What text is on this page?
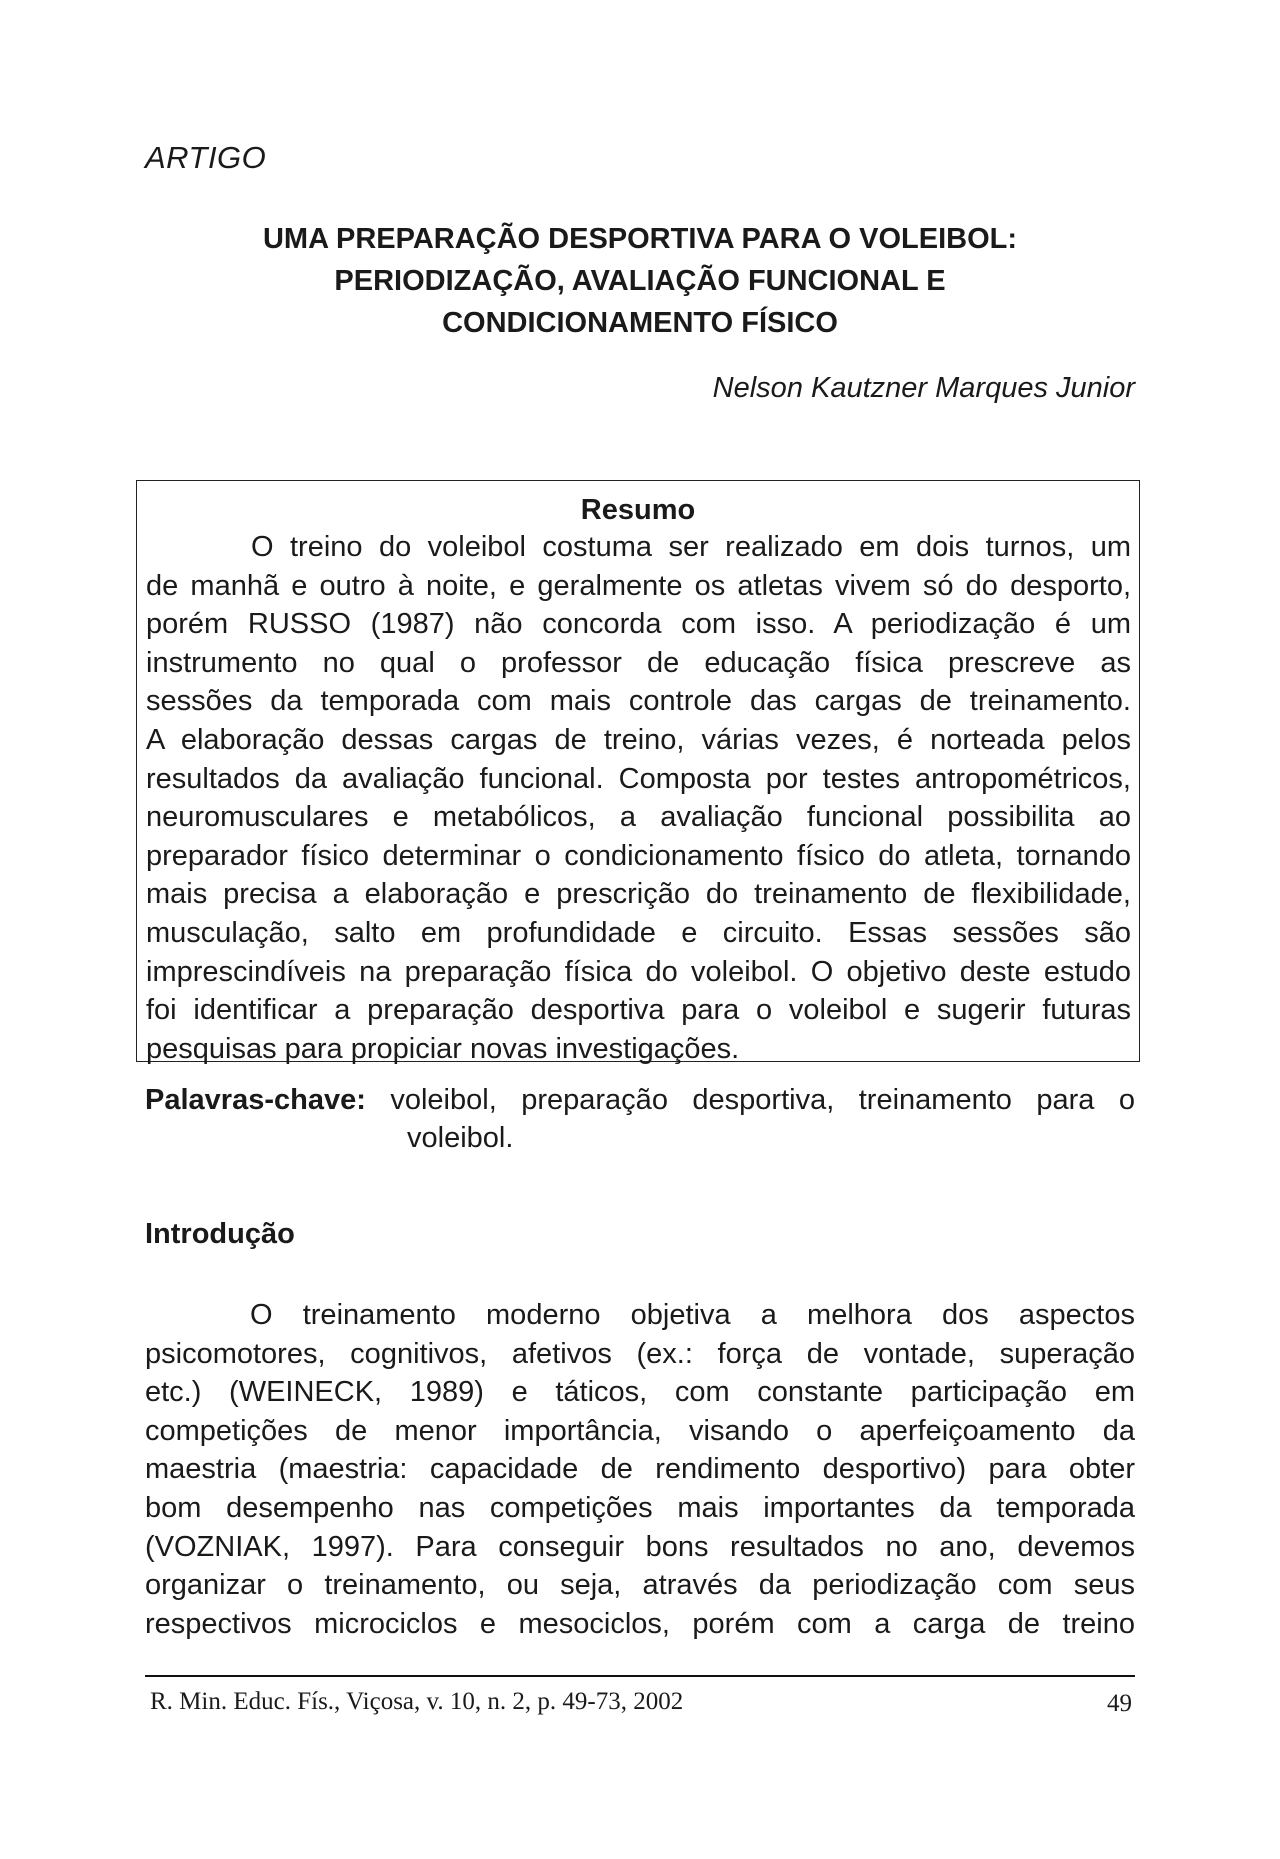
ARTIGO
UMA PREPARAÇÃO DESPORTIVA PARA O VOLEIBOL:
PERIODIZAÇÃO, AVALIAÇÃO FUNCIONAL E
CONDICIONAMENTO FÍSICO
Nelson Kautzner Marques Junior
Resumo
O treino do voleibol costuma ser realizado em dois turnos, um
de manhã e outro à noite, e geralmente os atletas vivem só do desporto,
porém RUSSO (1987) não concorda com isso. A periodização é um
instrumento no qual o professor de educação física prescreve as
sessões da temporada com mais controle das cargas de treinamento.
A elaboração dessas cargas de treino, várias vezes, é norteada pelos
resultados da avaliação funcional. Composta por testes antropométricos,
neuromusculares e metabólicos, a avaliação funcional possibilita ao
preparador físico determinar o condicionamento físico do atleta, tornando
mais precisa a elaboração e prescrição do treinamento de flexibilidade,
musculação, salto em profundidade e circuito. Essas sessões são
imprescindíveis na preparação física do voleibol. O objetivo deste estudo
foi identificar a preparação desportiva para o voleibol e sugerir futuras
pesquisas para propiciar novas investigações.
Palavras-chave: voleibol, preparação desportiva, treinamento para o
voleibol.
Introdução
O treinamento moderno objetiva a melhora dos aspectos
psicomotores, cognitivos, afetivos (ex.: força de vontade, superação
etc.) (WEINECK, 1989) e táticos, com constante participação em
competições de menor importância, visando o aperfeiçoamento da
maestria (maestria: capacidade de rendimento desportivo) para obter
bom desempenho nas competições mais importantes da temporada
(VOZNIAK, 1997). Para conseguir bons resultados no ano, devemos
organizar o treinamento, ou seja, através da periodização com seus
respectivos microciclos e mesociclos, porém com a carga de treino
R. Min. Educ. Fís., Viçosa, v. 10, n. 2, p. 49-73, 2002	49
